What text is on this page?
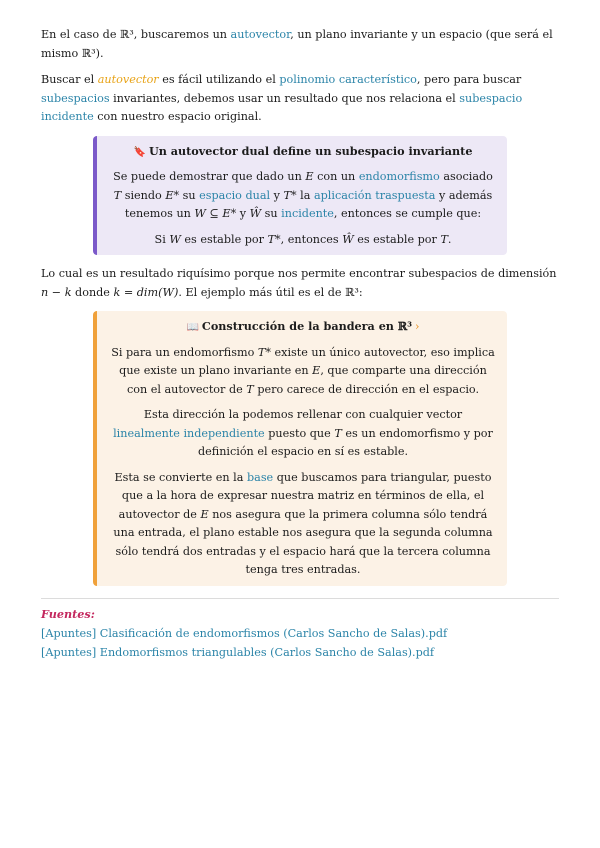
En el caso de ℝ³, buscaremos un autovector, un plano invariante y un espacio (que será el mismo ℝ³).

Buscar el autovector es fácil utilizando el polinomio característico, pero para buscar subespacios invariantes, debemos usar un resultado que nos relaciona el subespacio incidente con nuestro espacio original.

🔖 Un autovector dual define un subespacio invariante

Se puede demostrar que dado un E con un endomorfismo asociado T siendo E* su espacio dual y T* la aplicación traspuesta y además tenemos un W ⊆ E* y Ŵ su incidente, entonces se cumple que:

Si W es estable por T*, entonces Ŵ es estable por T.

Lo cual es un resultado riquísimo porque nos permite encontrar subespacios de dimensión n − k donde k = dim(W). El ejemplo más útil es el de ℝ³:

📖 Construcción de la bandera en ℝ³ ›

Si para un endomorfismo T* existe un único autovector, eso implica que existe un plano invariante en E, que comparte una dirección con el autovector de T pero carece de dirección en el espacio.

Esta dirección la podemos rellenar con cualquier vector linealmente independiente puesto que T es un endomorfismo y por definición el espacio en sí es estable.

Esta se convierte en la base que buscamos para triangular, puesto que a la hora de expresar nuestra matriz en términos de ella, el autovector de E nos asegura que la primera columna sólo tendrá una entrada, el plano estable nos asegura que la segunda columna sólo tendrá dos entradas y el espacio hará que la tercera columna tenga tres entradas.

Fuentes:
[Apuntes] Clasificación de endomorfismos (Carlos Sancho de Salas).pdf
[Apuntes] Endomorfismos triangulables (Carlos Sancho de Salas).pdf
